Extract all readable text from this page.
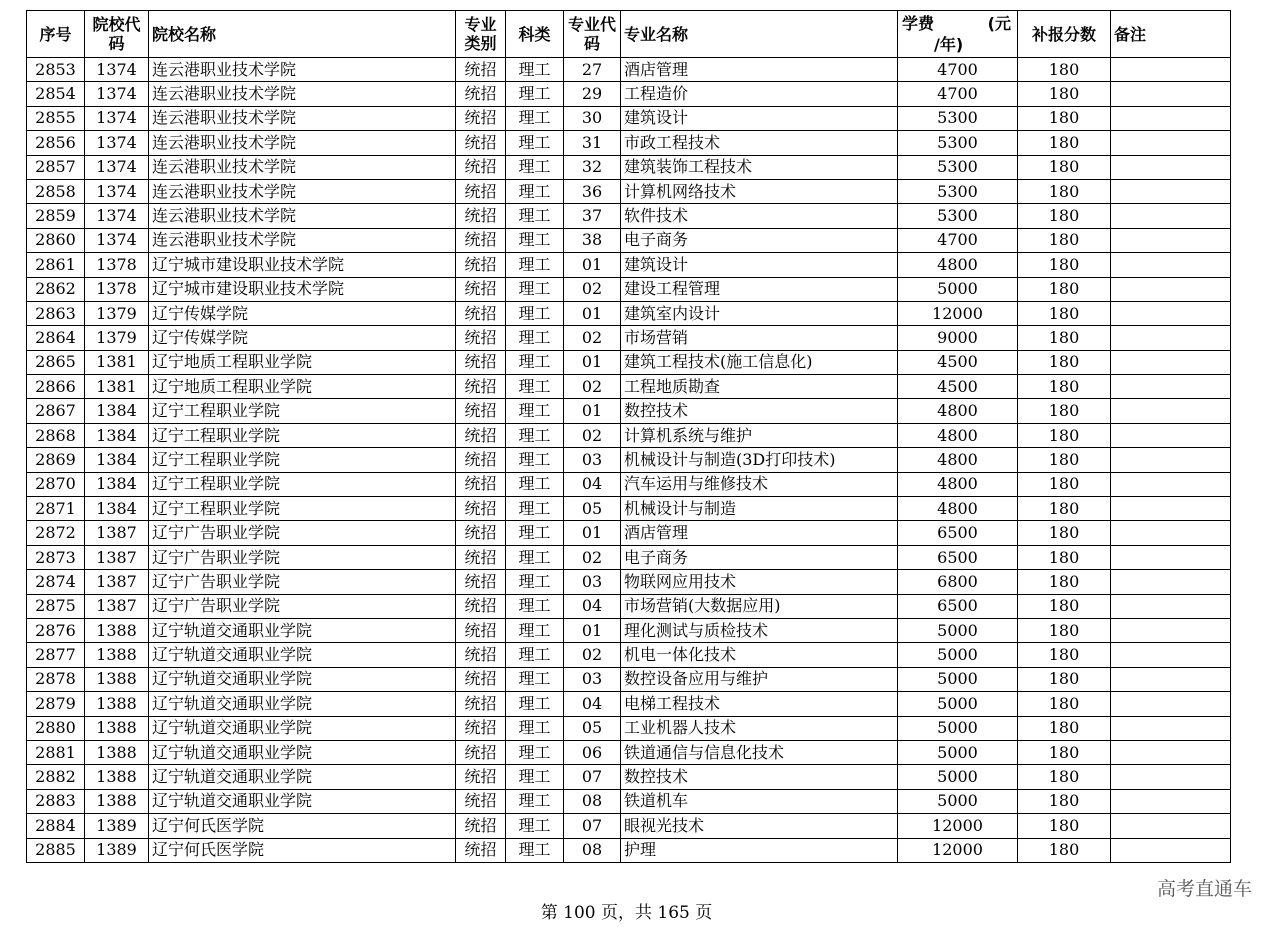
序号	院校代码	院校名称	专业类别	科类	专业代码	专业名称	学费 (元
/年)	补报分数	备注
2853	1374	连云港职业技术学院	统招	理工	27	酒店管理	4700	180	
2854	1374	连云港职业技术学院	统招	理工	29	工程造价	4700	180	
2855	1374	连云港职业技术学院	统招	理工	30	建筑设计	5300	180	
2856	1374	连云港职业技术学院	统招	理工	31	市政工程技术	5300	180	
2857	1374	连云港职业技术学院	统招	理工	32	建筑装饰工程技术	5300	180	
2858	1374	连云港职业技术学院	统招	理工	36	计算机网络技术	5300	180	
2859	1374	连云港职业技术学院	统招	理工	37	软件技术	5300	180	
2860	1374	连云港职业技术学院	统招	理工	38	电子商务	4700	180	
2861	1378	辽宁城市建设职业技术学院	统招	理工	01	建筑设计	4800	180	
2862	1378	辽宁城市建设职业技术学院	统招	理工	02	建设工程管理	5000	180	
2863	1379	辽宁传媒学院	统招	理工	01	建筑室内设计	12000	180	
2864	1379	辽宁传媒学院	统招	理工	02	市场营销	9000	180	
2865	1381	辽宁地质工程职业学院	统招	理工	01	建筑工程技术(施工信息化)	4500	180	
2866	1381	辽宁地质工程职业学院	统招	理工	02	工程地质勘查	4500	180	
2867	1384	辽宁工程职业学院	统招	理工	01	数控技术	4800	180	
2868	1384	辽宁工程职业学院	统招	理工	02	计算机系统与维护	4800	180	
2869	1384	辽宁工程职业学院	统招	理工	03	机械设计与制造(3D打印技术)	4800	180	
2870	1384	辽宁工程职业学院	统招	理工	04	汽车运用与维修技术	4800	180	
2871	1384	辽宁工程职业学院	统招	理工	05	机械设计与制造	4800	180	
2872	1387	辽宁广告职业学院	统招	理工	01	酒店管理	6500	180	
2873	1387	辽宁广告职业学院	统招	理工	02	电子商务	6500	180	
2874	1387	辽宁广告职业学院	统招	理工	03	物联网应用技术	6800	180	
2875	1387	辽宁广告职业学院	统招	理工	04	市场营销(大数据应用)	6500	180	
2876	1388	辽宁轨道交通职业学院	统招	理工	01	理化测试与质检技术	5000	180	
2877	1388	辽宁轨道交通职业学院	统招	理工	02	机电一体化技术	5000	180	
2878	1388	辽宁轨道交通职业学院	统招	理工	03	数控设备应用与维护	5000	180	
2879	1388	辽宁轨道交通职业学院	统招	理工	04	电梯工程技术	5000	180	
2880	1388	辽宁轨道交通职业学院	统招	理工	05	工业机器人技术	5000	180	
2881	1388	辽宁轨道交通职业学院	统招	理工	06	铁道通信与信息化技术	5000	180	
2882	1388	辽宁轨道交通职业学院	统招	理工	07	数控技术	5000	180	
2883	1388	辽宁轨道交通职业学院	统招	理工	08	铁道机车	5000	180	
2884	1389	辽宁何氏医学院	统招	理工	07	眼视光技术	12000	180	
2885	1389	辽宁何氏医学院	统招	理工	08	护理	12000	180	
高考直通车
第 100 页，共 165 页
